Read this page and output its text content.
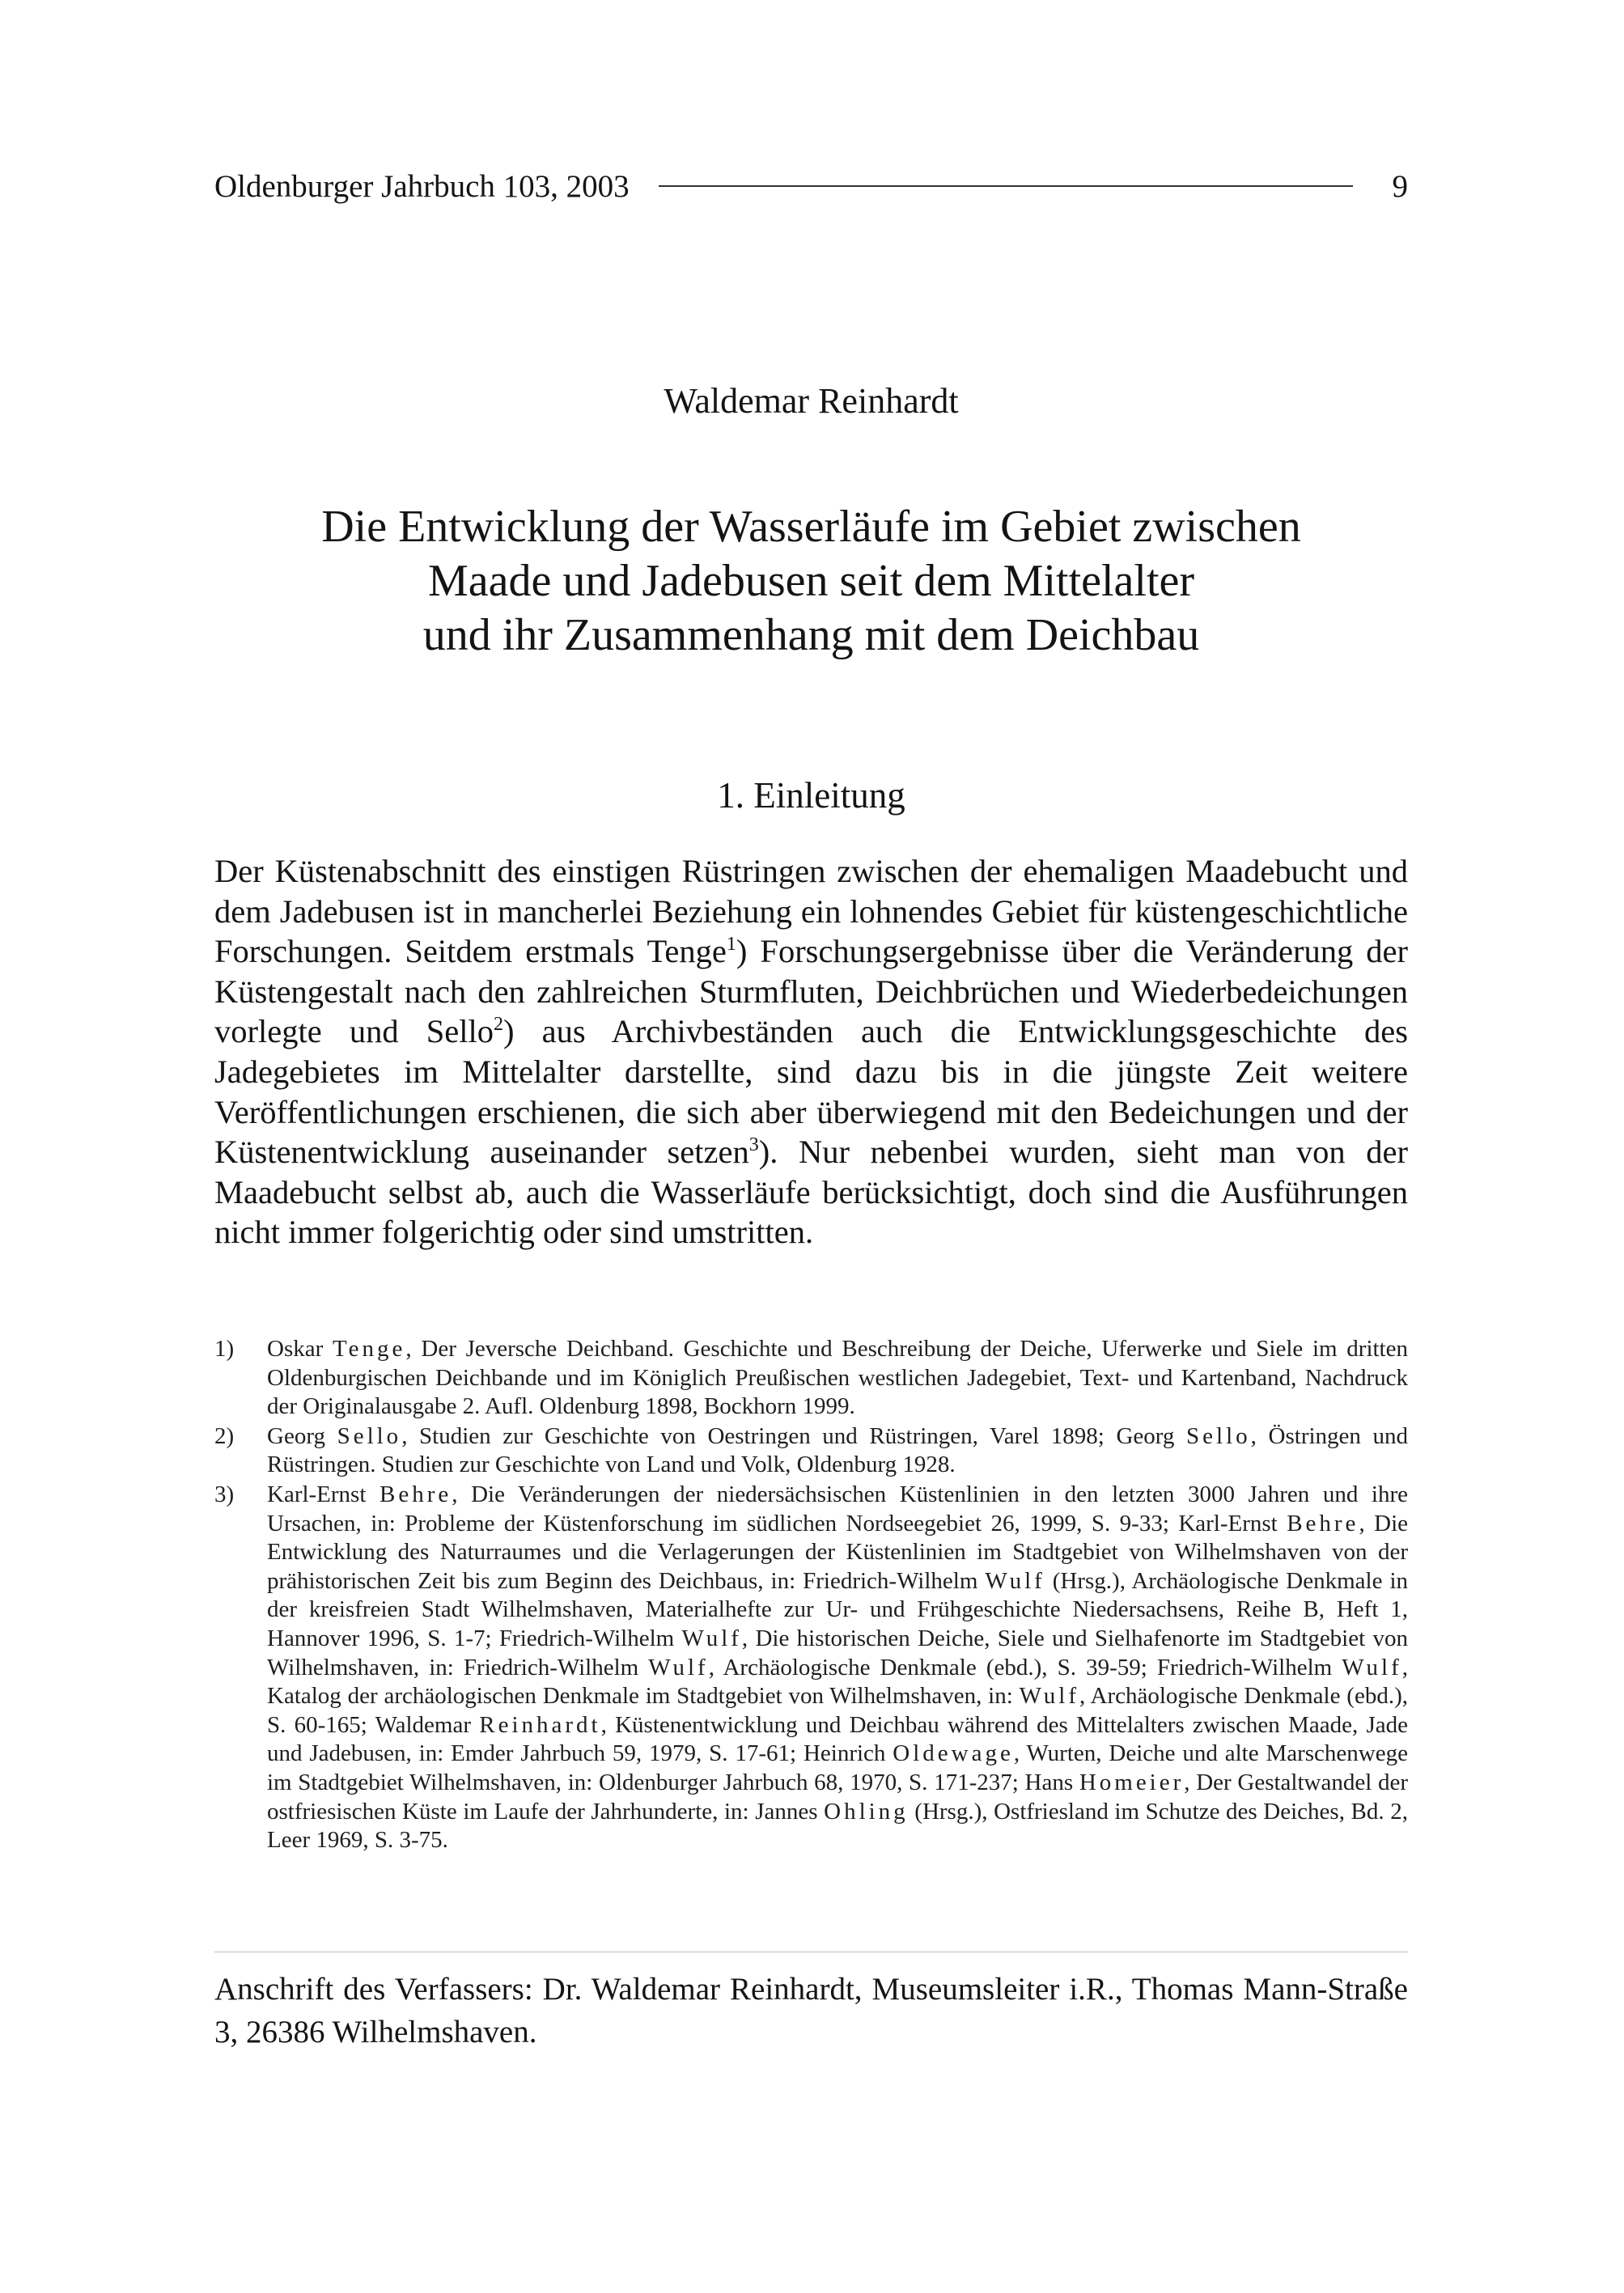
Oldenburger Jahrbuch 103, 2003	9
Waldemar Reinhardt
Die Entwicklung der Wasserläufe im Gebiet zwischen
Maade und Jadebusen seit dem Mittelalter
und ihr Zusammenhang mit dem Deichbau
1. Einleitung

Der Küstenabschnitt des einstigen Rüstringen zwischen der ehemaligen Maadebucht und dem Jadebusen ist in mancherlei Beziehung ein lohnendes Gebiet für küstengeschichtliche Forschungen. Seitdem erstmals Tenge$^1$) Forschungsergebnisse über die Veränderung der Küstengestalt nach den zahlreichen Sturmfluten, Deichbrüchen und Wiederbedeichungen vorlegte und Sello$^2$) aus Archivbeständen auch die Entwicklungsgeschichte des Jadegebietes im Mittelalter darstellte, sind dazu bis in die jüngste Zeit weitere Veröffentlichungen erschienen, die sich aber überwiegend mit den Bedeichungen und der Küstenentwicklung auseinander setzen$^3$). Nur nebenbei wurden, sieht man von der Maadebucht selbst ab, auch die Wasserläufe berücksichtigt, doch sind die Ausführungen nicht immer folgerichtig oder sind umstritten.

1)	Oskar Tenge, Der Jeversche Deichband. Geschichte und Beschreibung der Deiche, Uferwerke und Siele im dritten Oldenburgischen Deichbande und im Königlich Preußischen westlichen Jadegebiet, Text- und Kartenband, Nachdruck der Originalausgabe 2. Aufl. Oldenburg 1898, Bockhorn 1999.
2)	Georg Sello, Studien zur Geschichte von Oestringen und Rüstringen, Varel 1898; Georg Sello, Östringen und Rüstringen. Studien zur Geschichte von Land und Volk, Oldenburg 1928.
3)	Karl-Ernst Behre, Die Veränderungen der niedersächsischen Küstenlinien in den letzten 3000 Jahren und ihre Ursachen, in: Probleme der Küstenforschung im südlichen Nordseegebiet 26, 1999, S. 9-33; Karl-Ernst Behre, Die Entwicklung des Naturraumes und die Verlagerungen der Küstenlinien im Stadtgebiet von Wilhelmshaven von der prähistorischen Zeit bis zum Beginn des Deichbaus, in: Friedrich-Wilhelm Wulf (Hrsg.), Archäologische Denkmale in der kreisfreien Stadt Wilhelmshaven, Materialhefte zur Ur- und Frühgeschichte Niedersachsens, Reihe B, Heft 1, Hannover 1996, S. 1-7; Friedrich-Wilhelm Wulf, Die historischen Deiche, Siele und Sielhafenorte im Stadtgebiet von Wilhelmshaven, in: Friedrich-Wilhelm Wulf, Archäologische Denkmale (ebd.), S. 39-59; Friedrich-Wilhelm Wulf, Katalog der archäologischen Denkmale im Stadtgebiet von Wilhelmshaven, in: Wulf, Archäologische Denkmale (ebd.), S. 60-165; Waldemar Reinhardt, Küstenentwicklung und Deichbau während des Mittelalters zwischen Maade, Jade und Jadebusen, in: Emder Jahrbuch 59, 1979, S. 17-61; Heinrich Oldewage, Wurten, Deiche und alte Marschenwege im Stadtgebiet Wilhelmshaven, in: Oldenburger Jahrbuch 68, 1970, S. 171-237; Hans Homeier, Der Gestaltwandel der ostfriesischen Küste im Laufe der Jahrhunderte, in: Jannes Ohling (Hrsg.), Ostfriesland im Schutze des Deiches, Bd. 2, Leer 1969, S. 3-75.
Anschrift des Verfassers: Dr. Waldemar Reinhardt, Museumsleiter i.R., Thomas Mann-Straße 3, 26386 Wilhelmshaven.
